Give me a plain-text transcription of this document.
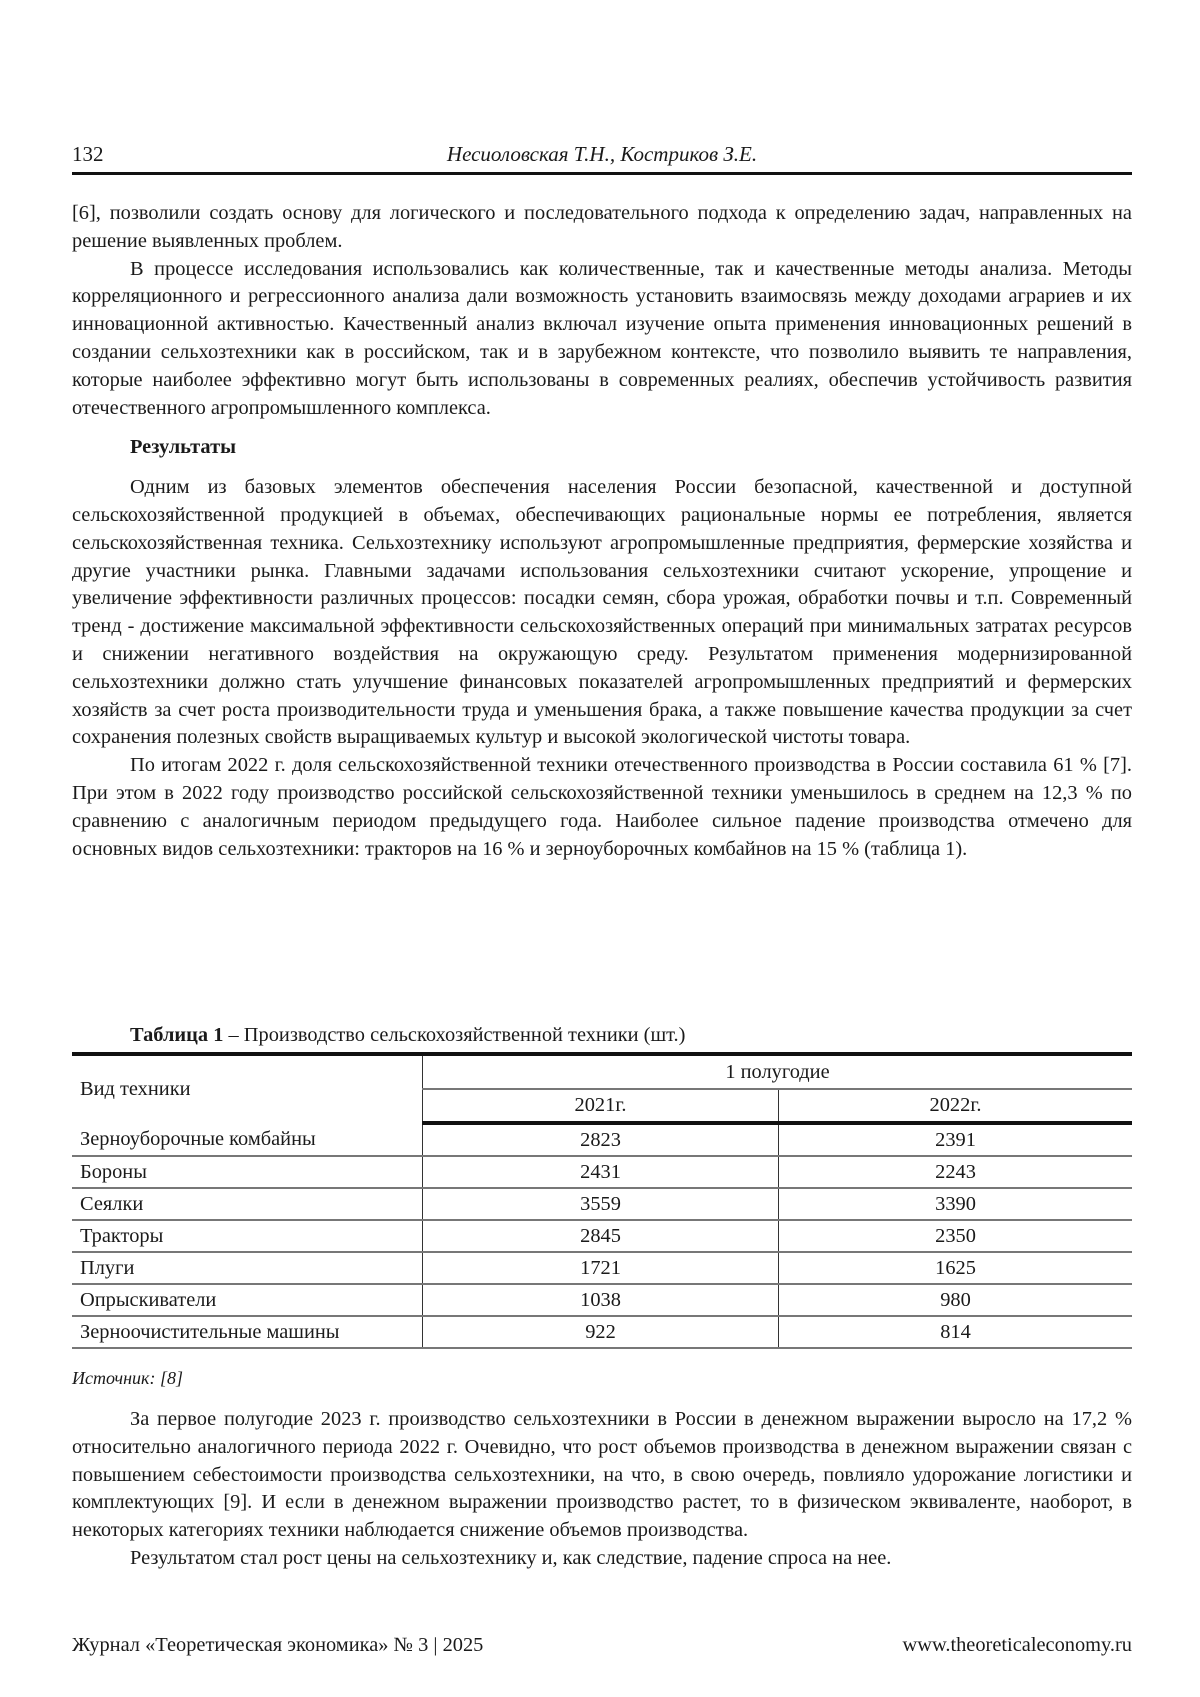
132	Несиоловская Т.Н., Костриков З.Е.

[6], позволили создать основу для логического и последовательного подхода к определению задач, направленных на решение выявленных проблем.

В процессе исследования использовались как количественные, так и качественные методы анализа. Методы корреляционного и регрессионного анализа дали возможность установить взаимосвязь между доходами аграриев и их инновационной активностью. Качественный анализ включал изучение опыта применения инновационных решений в создании сельхозтехники как в российском, так и в зарубежном контексте, что позволило выявить те направления, которые наиболее эффективно могут быть использованы в современных реалиях, обеспечив устойчивость развития отечественного агропромышленного комплекса.

Результаты

Одним из базовых элементов обеспечения населения России безопасной, качественной и доступной сельскохозяйственной продукцией в объемах, обеспечивающих рациональные нормы ее потребления, является сельскохозяйственная техника. Сельхозтехнику используют агропромышленные предприятия, фермерские хозяйства и другие участники рынка. Главными задачами использования сельхозтехники считают ускорение, упрощение и увеличение эффективности различных процессов: посадки семян, сбора урожая, обработки почвы и т.п. Современный тренд - достижение максимальной эффективности сельскохозяйственных операций при минимальных затратах ресурсов и снижении негативного воздействия на окружающую среду. Результатом применения модернизированной сельхозтехники должно стать улучшение финансовых показателей агропромышленных предприятий и фермерских хозяйств за счет роста производительности труда и уменьшения брака, а также повышение качества продукции за счет сохранения полезных свойств выращиваемых культур и высокой экологической чистоты товара.

По итогам 2022 г. доля сельскохозяйственной техники отечественного производства в России составила 61 % [7]. При этом в 2022 году производство российской сельскохозяйственной техники уменьшилось в среднем на 12,3 % по сравнению с аналогичным периодом предыдущего года. Наиболее сильное падение производства отмечено для основных видов сельхозтехники: тракторов на 16 % и зерноуборочных комбайнов на 15 % (таблица 1).

Таблица 1 – Производство сельскохозяйственной техники (шт.)
Вид техники	1 полугодие	
	2021г.	2022г.
Зерноуборочные комбайны	2823	2391
Бороны	2431	2243
Сеялки	3559	3390
Тракторы	2845	2350
Плуги	1721	1625
Опрыскиватели	1038	980
Зерноочистительные машины	922	814
Источник: [8]

За первое полугодие 2023 г. производство сельхозтехники в России в денежном выражении выросло на 17,2 % относительно аналогичного периода 2022 г. Очевидно, что рост объемов производства в денежном выражении связан с повышением себестоимости производства сельхозтехники, на что, в свою очередь, повлияло удорожание логистики и комплектующих [9]. И если в денежном выражении производство растет, то в физическом эквиваленте, наоборот, в некоторых категориях техники наблюдается снижение объемов производства.

Результатом стал рост цены на сельхозтехнику и, как следствие, падение спроса на нее.

Журнал «Теоретическая экономика» № 3 | 2025	www.theoreticaleconomy.ru
